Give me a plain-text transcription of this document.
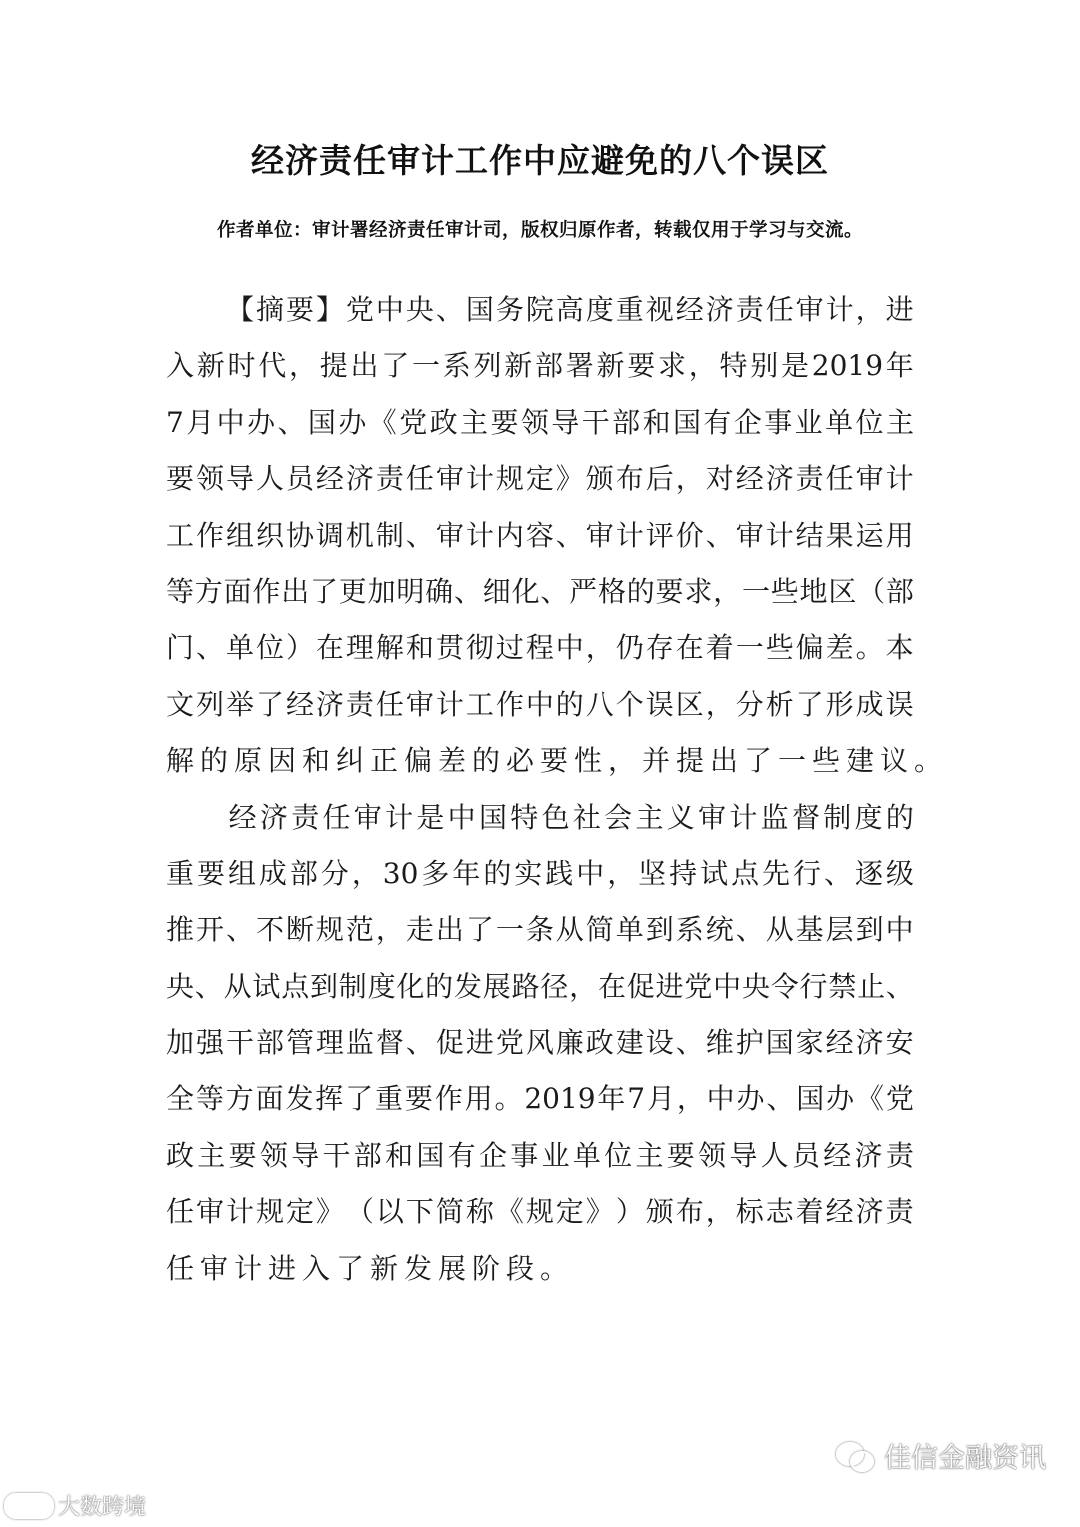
经济责任审计工作中应避免的八个误区
作者单位：审计署经济责任审计司，版权归原作者，转载仅用于学习与交流。

【 摘 要 】 党 中 央 、 国 务 院 高 度 重 视 经 济 责 任 审 计 ， 进
入 新 时 代 ， 提 出 了 一 系 列 新 部 署 新 要 求 ， 特 别 是 2019 年
7 月 中 办 、 国 办 《 党 政 主 要 领 导 干 部 和 国 有 企 事 业 单 位 主
要 领 导 人 员 经 济 责 任 审 计 规 定 》 颁 布 后 ， 对 经 济 责 任 审 计
工 作 组 织 协 调 机 制 、 审 计 内 容 、 审 计 评 价 、 审 计 结 果 运 用
等 方 面 作 出 了 更 加 明 确 、 细 化 、 严 格 的 要 求 ， 一 些 地 区 （ 部
门 、 单 位 ） 在 理 解 和 贯 彻 过 程 中 ， 仍 存 在 着 一 些 偏 差 。 本
文 列 举 了 经 济 责 任 审 计 工 作 中 的 八 个 误 区 ， 分 析 了 形 成 误
解的原因和纠正偏差的必要性，并提出了一些建议。

经 济 责 任 审 计 是 中 国 特 色 社 会 主 义 审 计 监 督 制 度 的
重 要 组 成 部 分 ， 30 多 年 的 实 践 中 ， 坚 持 试 点 先 行 、 逐 级
推 开 、 不 断 规 范 ， 走 出 了 一 条 从 简 单 到 系 统 、 从 基 层 到 中
央 、 从 试 点 到 制 度 化 的 发 展 路 径 ， 在 促 进 党 中 央 令 行 禁 止 、
加 强 干 部 管 理 监 督 、 促 进 党 风 廉 政 建 设 、 维 护 国 家 经 济 安
全 等 方 面 发 挥 了 重 要 作 用 。 2019 年 7 月 ， 中 办 、 国 办 《 党
政 主 要 领 导 干 部 和 国 有 企 事 业 单 位 主 要 领 导 人 员 经 济 责
任 审 计 规 定 》 （ 以 下 简 称 《 规 定 》 ） 颁 布 ， 标 志 着 经 济 责
任审计进入了新发展阶段。
佳信金融资讯
大数跨境
